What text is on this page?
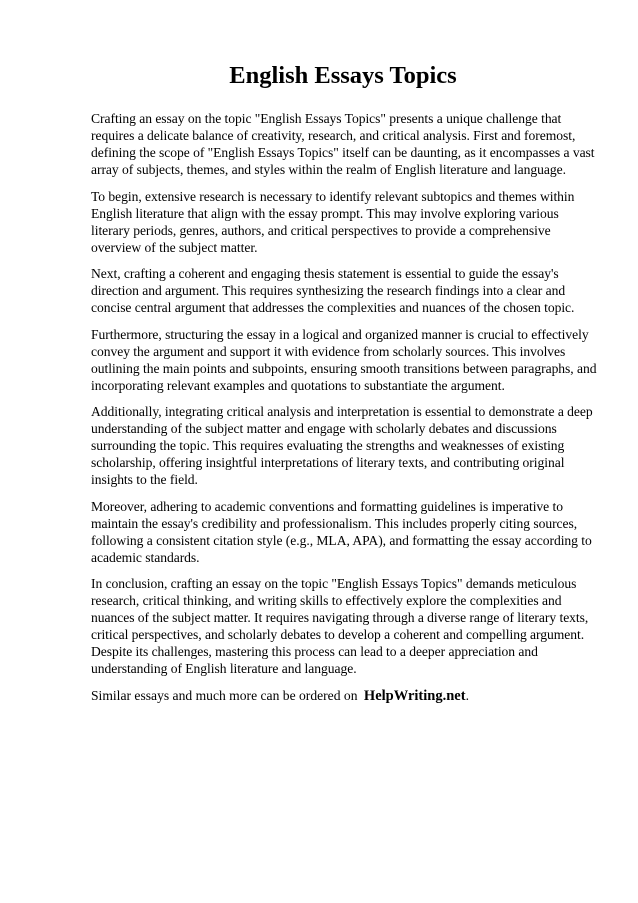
English Essays Topics

Crafting an essay on the topic "English Essays Topics" presents a unique challenge that requires a delicate balance of creativity, research, and critical analysis. First and foremost, defining the scope of "English Essays Topics" itself can be daunting, as it encompasses a vast array of subjects, themes, and styles within the realm of English literature and language.

To begin, extensive research is necessary to identify relevant subtopics and themes within English literature that align with the essay prompt. This may involve exploring various literary periods, genres, authors, and critical perspectives to provide a comprehensive overview of the subject matter.

Next, crafting a coherent and engaging thesis statement is essential to guide the essay's direction and argument. This requires synthesizing the research findings into a clear and concise central argument that addresses the complexities and nuances of the chosen topic.

Furthermore, structuring the essay in a logical and organized manner is crucial to effectively convey the argument and support it with evidence from scholarly sources. This involves outlining the main points and subpoints, ensuring smooth transitions between paragraphs, and incorporating relevant examples and quotations to substantiate the argument.

Additionally, integrating critical analysis and interpretation is essential to demonstrate a deep understanding of the subject matter and engage with scholarly debates and discussions surrounding the topic. This requires evaluating the strengths and weaknesses of existing scholarship, offering insightful interpretations of literary texts, and contributing original insights to the field.

Moreover, adhering to academic conventions and formatting guidelines is imperative to maintain the essay's credibility and professionalism. This includes properly citing sources, following a consistent citation style (e.g., MLA, APA), and formatting the essay according to academic standards.

In conclusion, crafting an essay on the topic "English Essays Topics" demands meticulous research, critical thinking, and writing skills to effectively explore the complexities and nuances of the subject matter. It requires navigating through a diverse range of literary texts, critical perspectives, and scholarly debates to develop a coherent and compelling argument. Despite its challenges, mastering this process can lead to a deeper appreciation and understanding of English literature and language.

Similar essays and much more can be ordered on HelpWriting.net.
